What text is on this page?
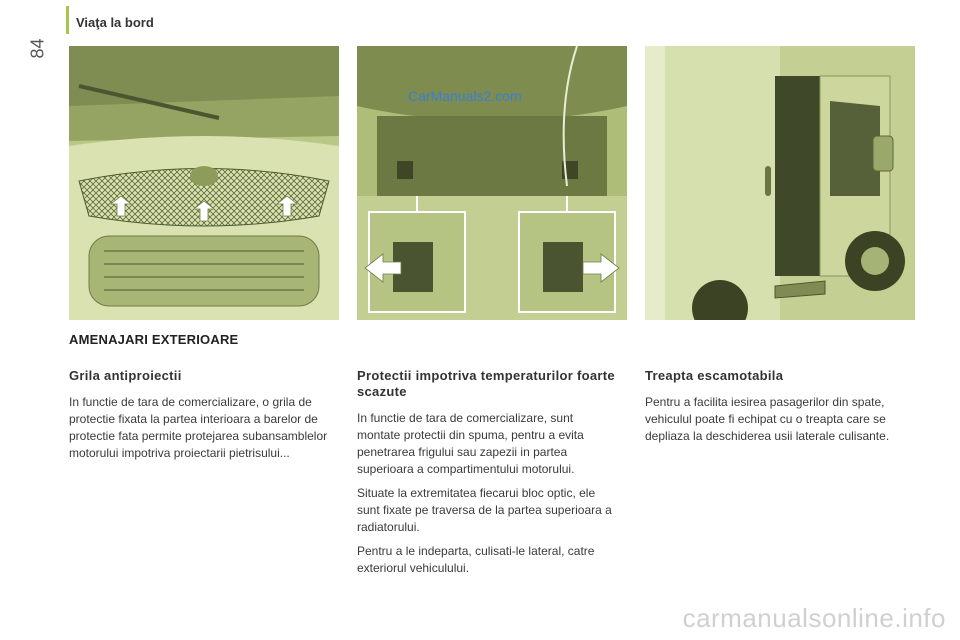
84
Viaţa la bord
CarManuals2.com
AMENAJARI EXTERIOARE
Grila antiproiectii

In functie de tara de comercializare, o grila de protectie fixata la partea interioara a barelor de protectie fata permite protejarea subansamblelor motorului impotriva proiectarii pietrisului...

Protectii impotriva temperaturilor foarte scazute

In functie de tara de comercializare, sunt montate protectii din spuma, pentru a evita penetrarea frigului sau zapezii in partea superioara a compartimentului motorului.

Situate la extremitatea fiecarui bloc optic, ele sunt fixate pe traversa de la partea superioara a radiatorului.

Pentru a le indeparta, culisati-le lateral, catre exteriorul vehiculului.

Treapta escamotabila

Pentru a facilita iesirea pasagerilor din spate, vehiculul poate fi echipat cu o treapta care se depliaza la deschiderea usii laterale culisante.

carmanualsonline.info
